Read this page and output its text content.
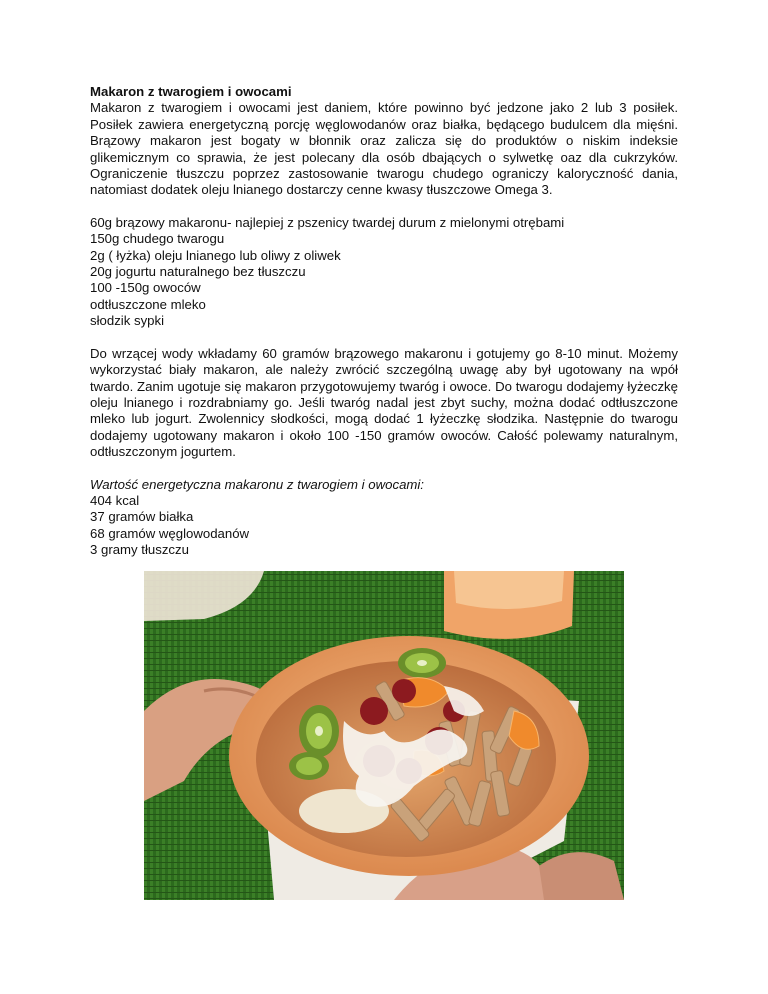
Makaron z twarogiem i owocami

Makaron z twarogiem i owocami jest daniem, które powinno być jedzone jako 2 lub 3 posiłek. Posiłek zawiera energetyczną porcję węglowodanów oraz białka, będącego budulcem dla mięśni. Brązowy makaron jest bogaty w błonnik oraz zalicza się do produktów o niskim indeksie glikemicznym co sprawia, że jest polecany dla osób dbających o sylwetkę oaz dla cukrzyków. Ograniczenie tłuszczu poprzez zastosowanie twarogu chudego ograniczy kaloryczność dania, natomiast dodatek oleju lnianego dostarczy cenne kwasy tłuszczowe Omega 3.

60g brązowy makaronu- najlepiej z pszenicy twardej durum z mielonymi otrębami
150g chudego twarogu
2g ( łyżka) oleju lnianego lub oliwy z oliwek
20g jogurtu naturalnego bez tłuszczu
100 -150g owoców
odtłuszczone mleko
słodzik sypki

Do wrzącej wody wkładamy 60 gramów brązowego makaronu i gotujemy go 8-10 minut. Możemy wykorzystać biały makaron, ale należy zwrócić szczególną uwagę aby był ugotowany na wpół twardo. Zanim ugotuje się makaron przygotowujemy twaróg i owoce. Do twarogu dodajemy łyżeczkę oleju lnianego i rozdrabniamy go. Jeśli twaróg nadal jest zbyt suchy, można dodać odtłuszczone mleko lub jogurt. Zwolennicy słodkości, mogą dodać 1 łyżeczkę słodzika. Następnie do twarogu dodajemy ugotowany makaron i około 100 -150 gramów owoców. Całość polewamy naturalnym, odtłuszczonym jogurtem.

Wartość energetyczna makaronu z twarogiem i owocami:

404 kcal
37 gramów białka
68 gramów węglowodanów
3 gramy tłuszczu
